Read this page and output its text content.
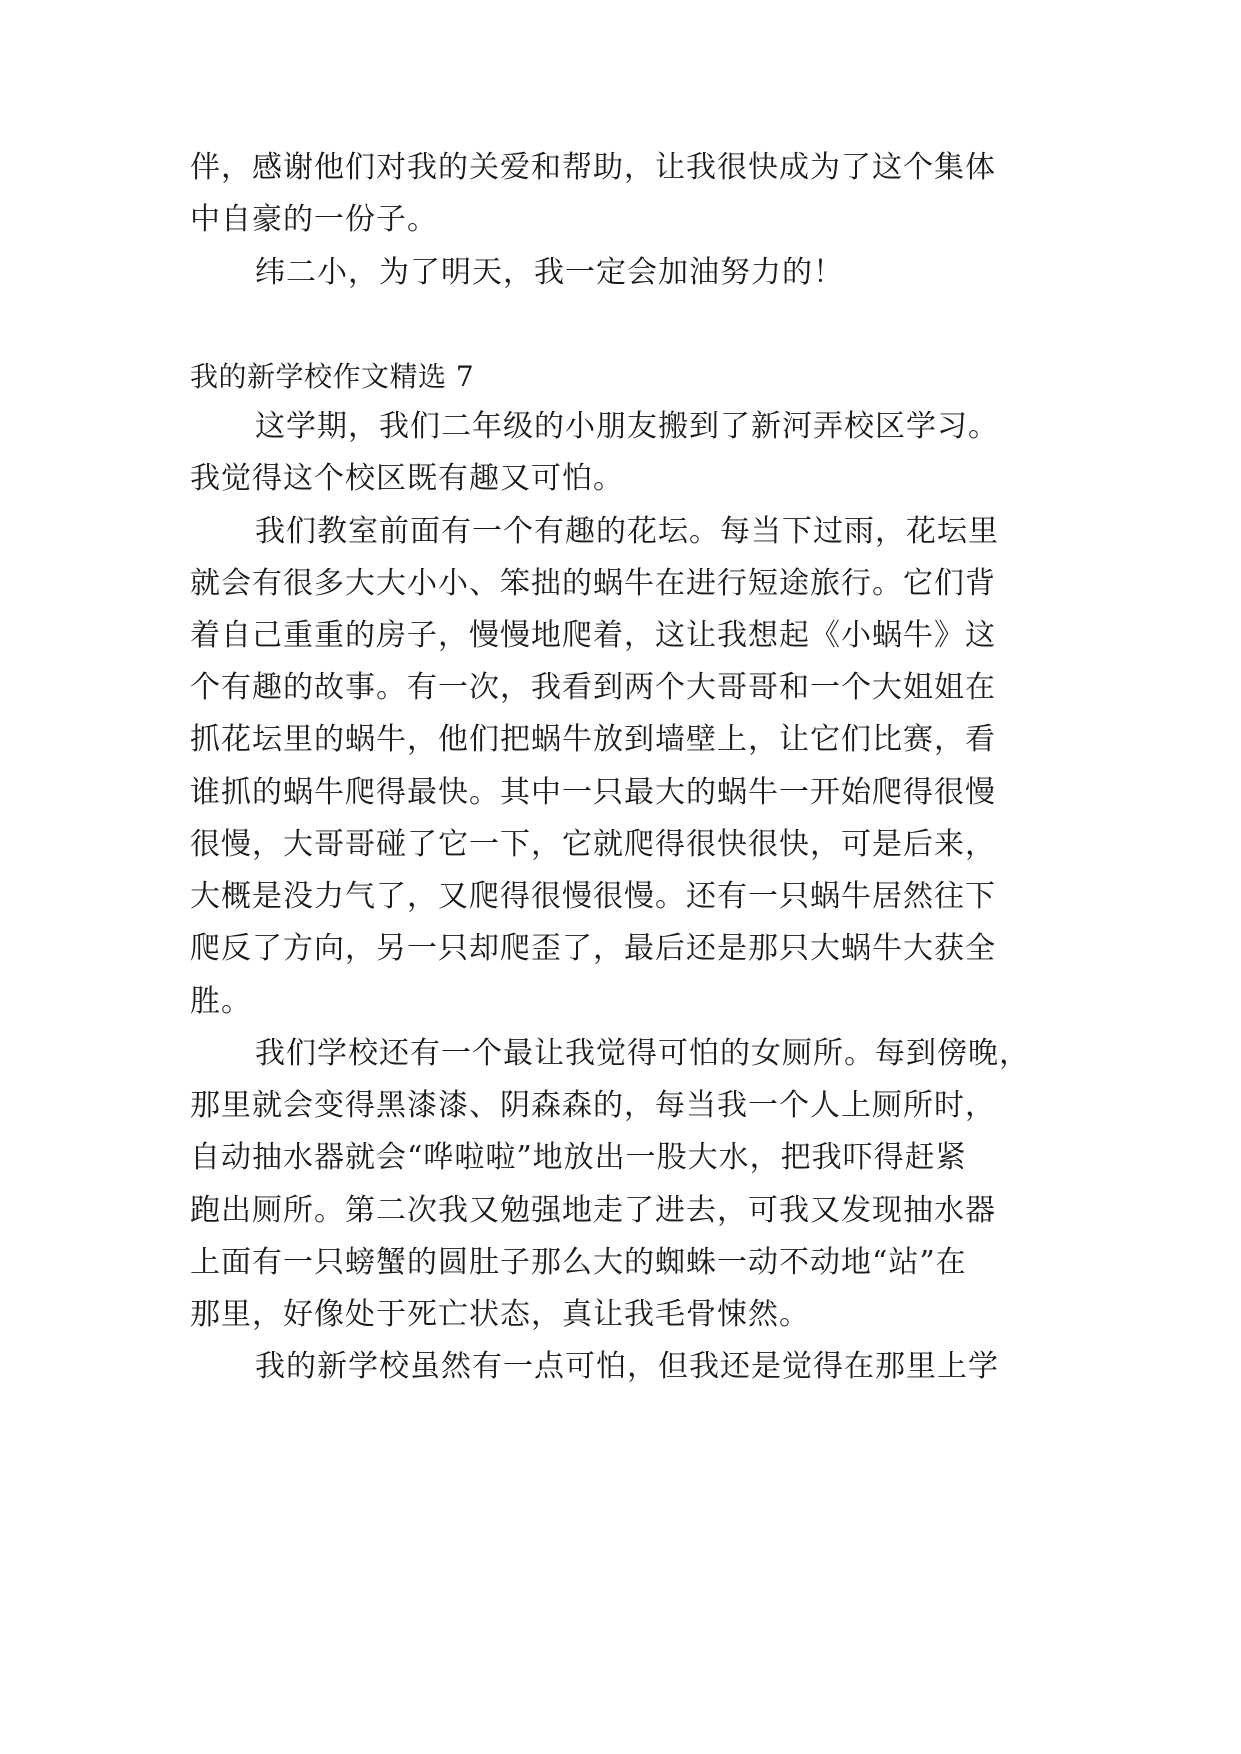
伴，感谢他们对我的关爱和帮助，让我很快成为了这个集体
中自豪的一份子。
纬二小，为了明天，我一定会加油努力的！
我的新学校作文精选 7
这学期，我们二年级的小朋友搬到了新河弄校区学习。
我觉得这个校区既有趣又可怕。
我们教室前面有一个有趣的花坛。每当下过雨，花坛里
就会有很多大大小小、笨拙的蜗牛在进行短途旅行。它们背
着自己重重的房子，慢慢地爬着，这让我想起《小蜗牛》这
个有趣的故事。有一次，我看到两个大哥哥和一个大姐姐在
抓花坛里的蜗牛，他们把蜗牛放到墙壁上，让它们比赛，看
谁抓的蜗牛爬得最快。其中一只最大的蜗牛一开始爬得很慢
很慢，大哥哥碰了它一下，它就爬得很快很快，可是后来，
大概是没力气了，又爬得很慢很慢。还有一只蜗牛居然往下
爬反了方向，另一只却爬歪了，最后还是那只大蜗牛大获全
胜。
我们学校还有一个最让我觉得可怕的女厕所。每到傍晚，
那里就会变得黑漆漆、阴森森的，每当我一个人上厕所时，
自动抽水器就会“哗啦啦”地放出一股大水，把我吓得赶紧
跑出厕所。第二次我又勉强地走了进去，可我又发现抽水器
上面有一只螃蟹的圆肚子那么大的蜘蛛一动不动地“站”在
那里，好像处于死亡状态，真让我毛骨悚然。
我的新学校虽然有一点可怕，但我还是觉得在那里上学
